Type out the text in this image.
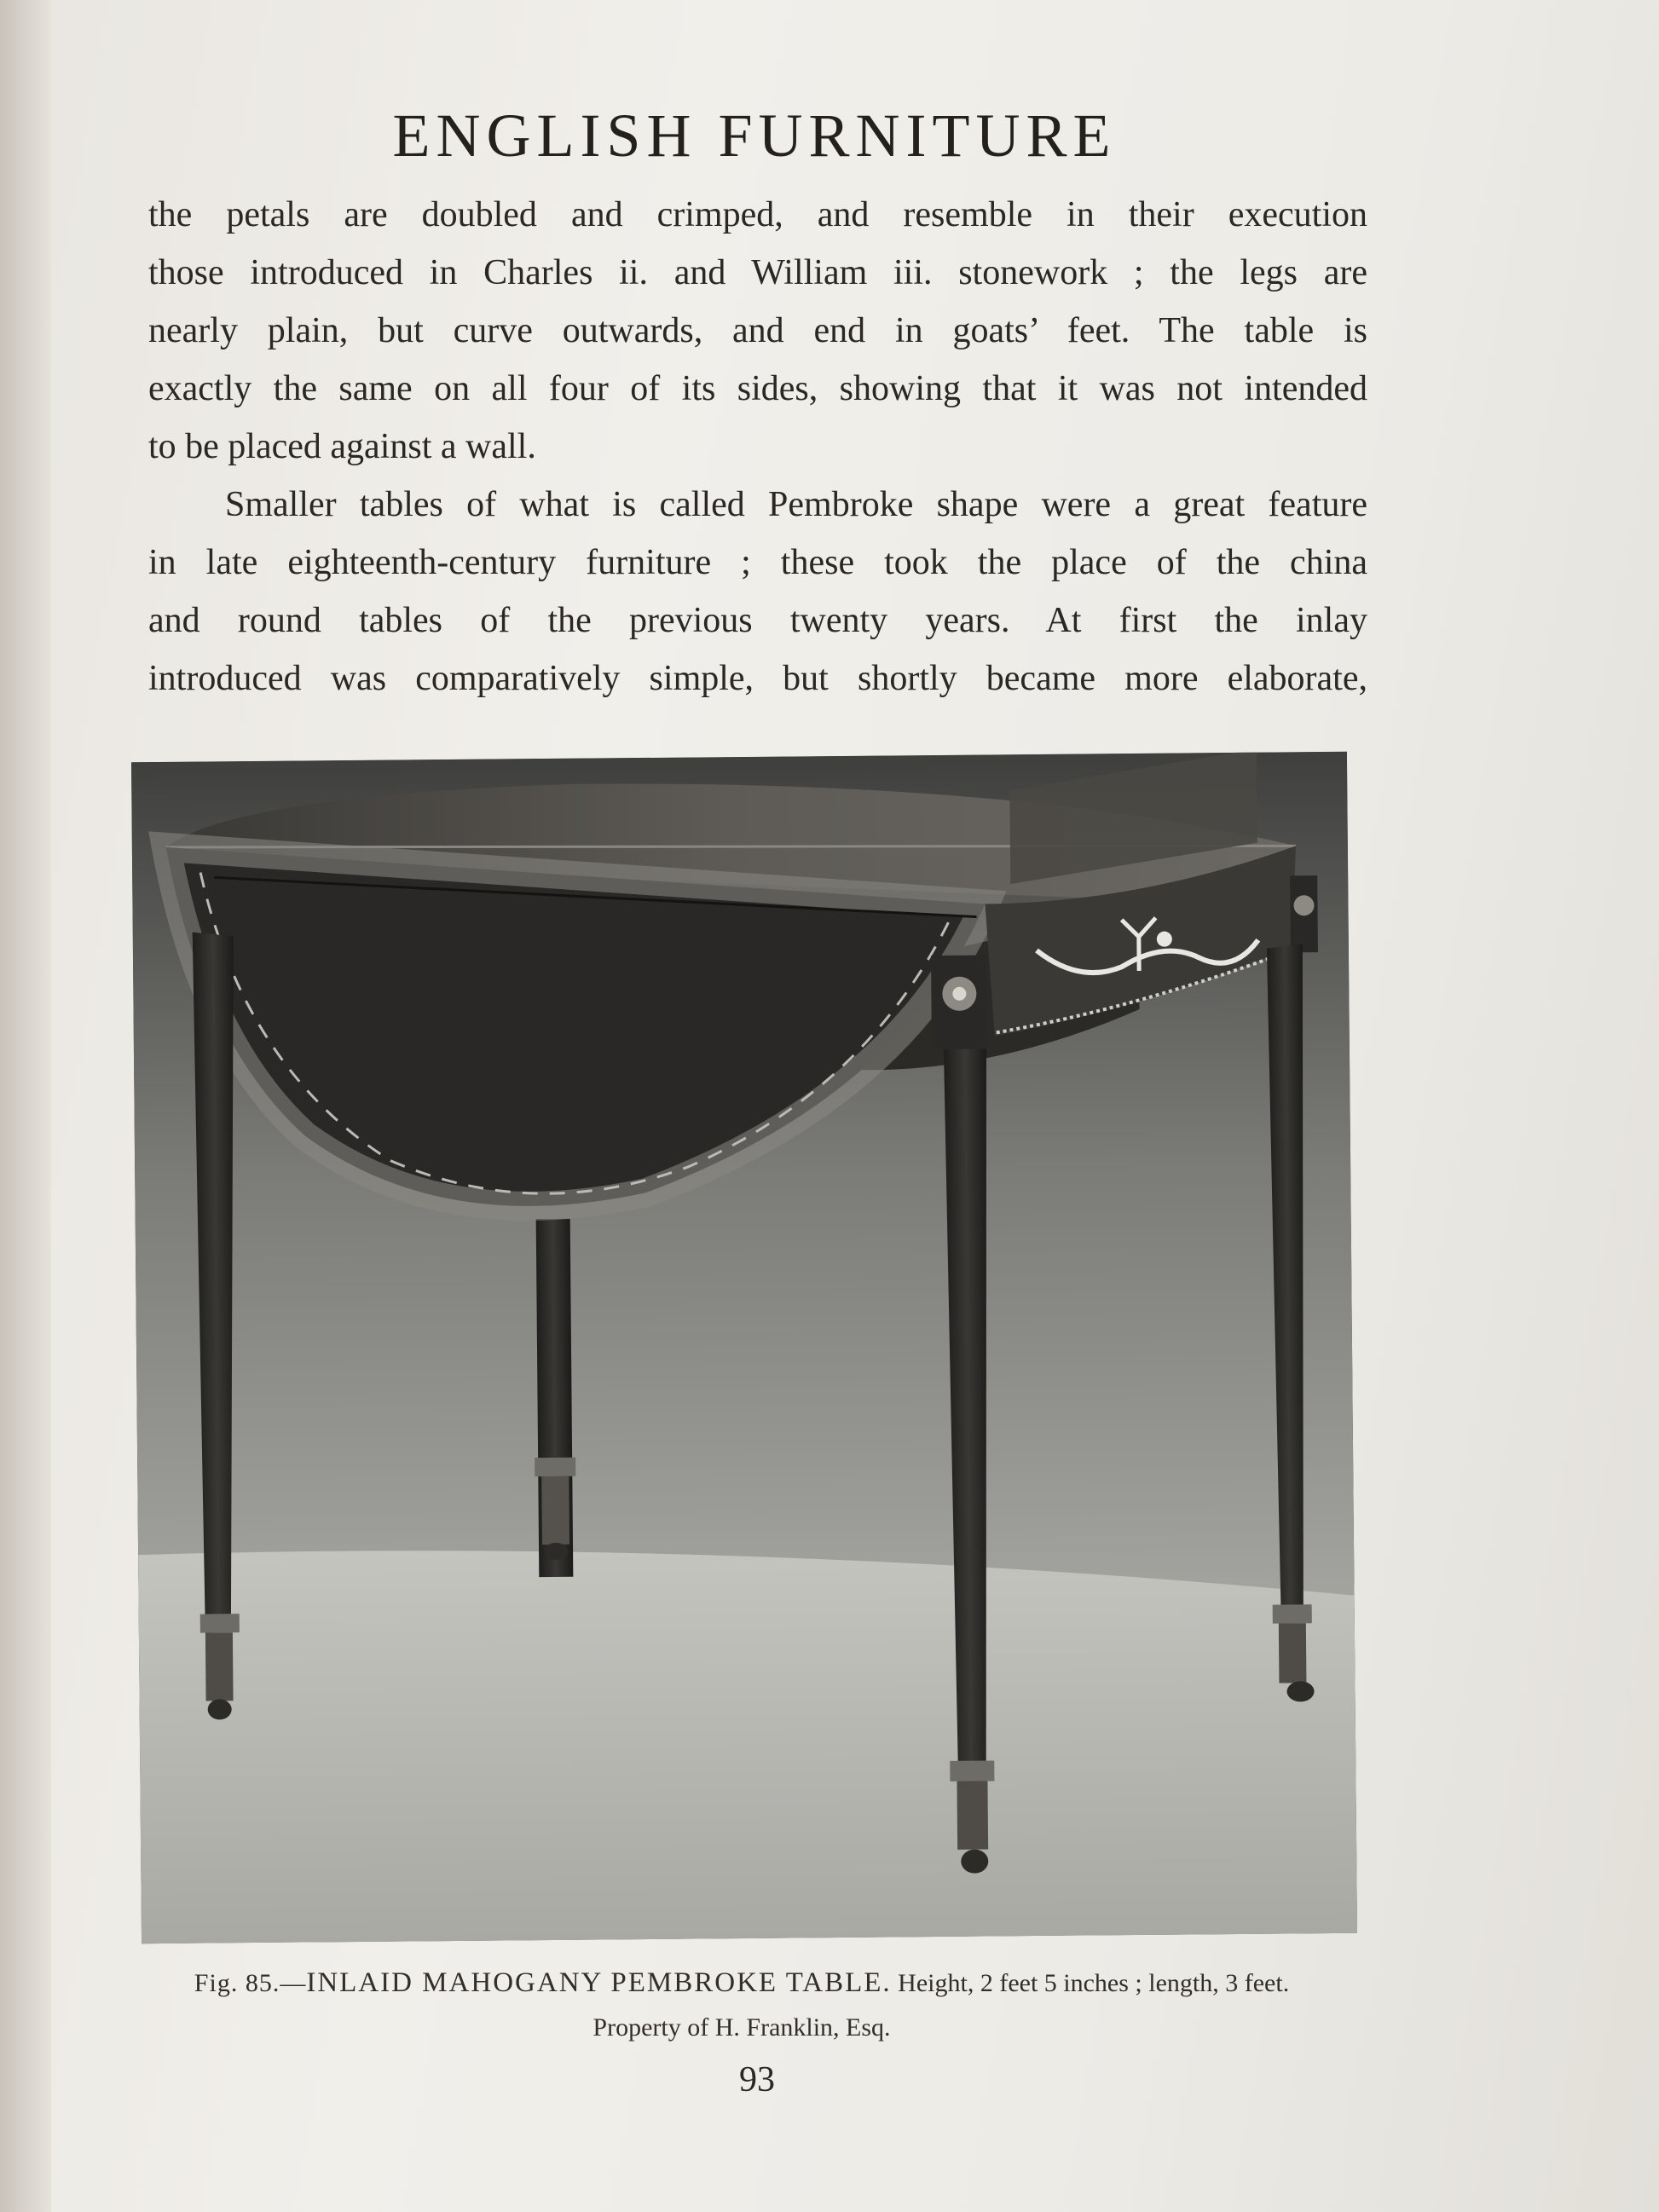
ENGLISH FURNITURE
the petals are doubled and crimped, and resemble in their execution
those introduced in Charles ii. and William iii. stonework ; the legs are
nearly plain, but curve outwards, and end in goats’ feet. The table is
exactly the same on all four of its sides, showing that it was not intended
to be placed against a wall.
Smaller tables of what is called Pembroke shape were a great feature
in late eighteenth-century furniture ; these took the place of the china
and round tables of the previous twenty years. At first the inlay
introduced was comparatively simple, but shortly became more elaborate,
Fig. 85.—INLAID MAHOGANY PEMBROKE TABLE. Height, 2 feet 5 inches ; length, 3 feet.
Property of H. Franklin, Esq.
93
